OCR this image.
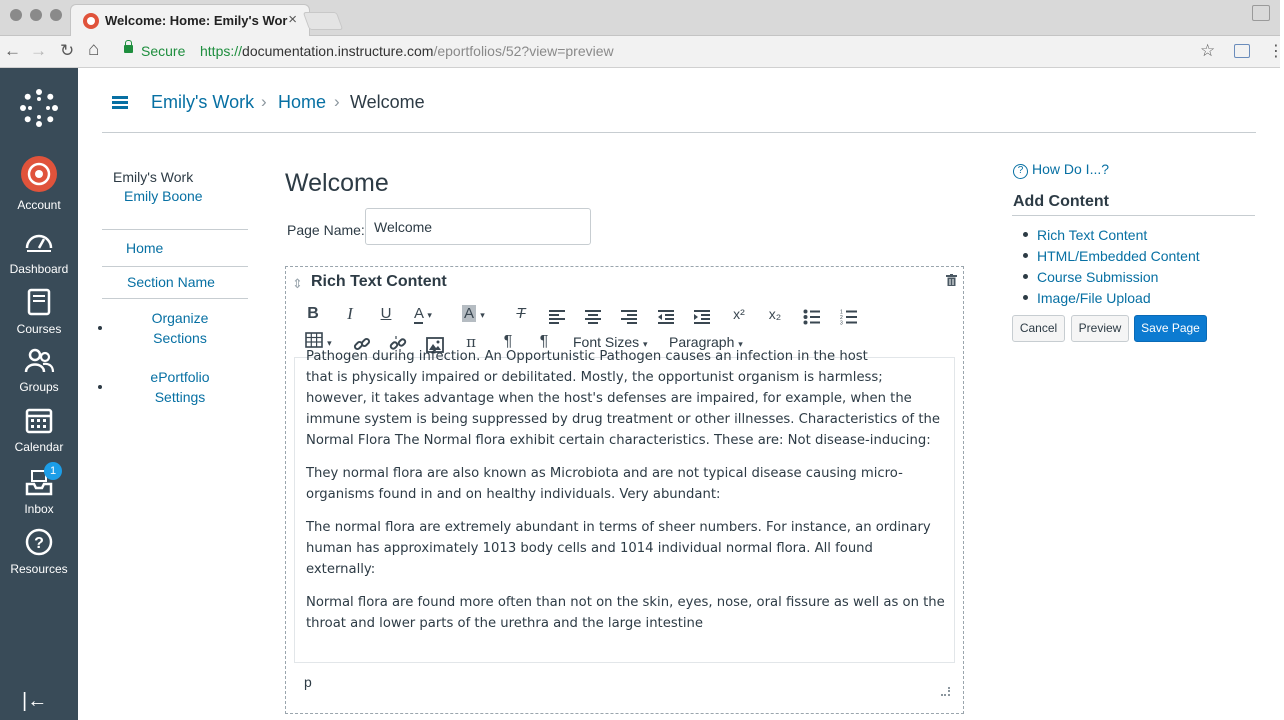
Welcome: Home: Emily's Wor ×
← → ↻ ⌂	Secure https://documentation.instructure.com/eportfolios/52?view=preview	☆	⋮
Account
Dashboard
Courses
Groups
Calendar
1
Inbox
?
Resources
|←
Emily's Work › Home › Welcome
Emily's Work
Emily Boone
Home
Section Name
Organize
Sections
ePortfolio
Settings
Welcome
Page Name: Welcome
⇕ Rich Text Content
B	I	U A ▾	A ▾	T	x² x₂	1
2
3
▾	π ¶ ¶	Font Sizes ▾ Paragraph ▾
Pathogen during infection. An Opportunistic Pathogen causes an infection in the host

that is physically impaired or debilitated. Mostly, the opportunist organism is harmless; however, it takes advantage when the host's defenses are impaired, for example, when the immune system is being suppressed by drug treatment or other illnesses. Characteristics of the Normal Flora The Normal flora exhibit certain characteristics. These are: Not disease-inducing:

They normal flora are also known as Microbiota and are not typical disease causing micro-organisms found in and on healthy individuals. Very abundant:

The normal flora are extremely abundant in terms of sheer numbers. For instance, an ordinary human has approximately 1013 body cells and 1014 individual normal flora. All found externally:

Normal flora are found more often than not on the skin, eyes, nose, oral fissure as well as on the throat and lower parts of the urethra and the large intestine

p
? How Do I...?
Add Content
Rich Text Content
HTML/Embedded Content
Course Submission
Image/File Upload
Cancel	Preview	Save Page
